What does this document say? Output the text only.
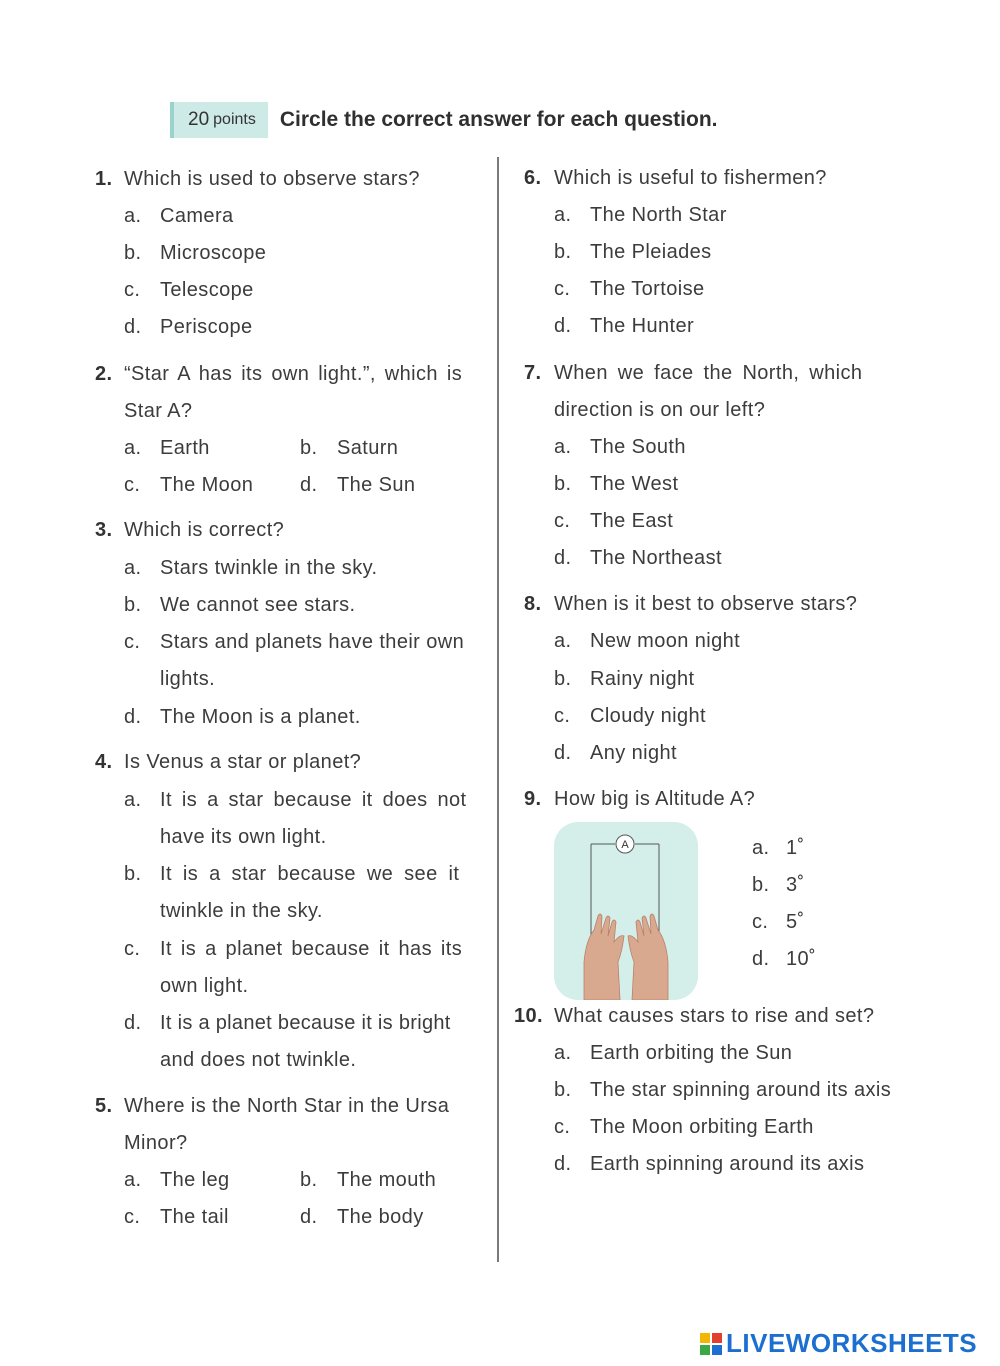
20 points Circle the correct answer for each question.
1. Which is used to observe stars?
a. Camera
b. Microscope
c. Telescope
d. Periscope
2. “Star A has its own light.”, which is
Star A?
a. Earth	b. Saturn
c. The Moon d. The Sun
3. Which is correct?
a. Stars twinkle in the sky.
b. We cannot see stars.
c. Stars and planets have their own
lights.
d. The Moon is a planet.
4. Is Venus a star or planet?
a. It is a star because it does not
have its own light.
b. It is a star because we see it
twinkle in the sky.
c. It is a planet because it has its
own light.
d. It is a planet because it is bright
and does not twinkle.
5. Where is the North Star in the Ursa
Minor?
a. The leg	b. The mouth
c. The tail	d. The body
6. Which is useful to fishermen?
a. The North Star
b. The Pleiades
c. The Tortoise
d. The Hunter
7. When we face the North, which
direction is on our left?
a. The South
b. The West
c. The East
d. The Northeast
8. When is it best to observe stars?
a. New moon night
b. Rainy night
c. Cloudy night
d. Any night
9. How big is Altitude A?
A	a. 1˚
b. 3˚
c. 5˚
d. 10˚
10. What causes stars to rise and set?
a. Earth orbiting the Sun
b. The star spinning around its axis
c. The Moon orbiting Earth
d. Earth spinning around its axis
LIVEWORKSHEETS
